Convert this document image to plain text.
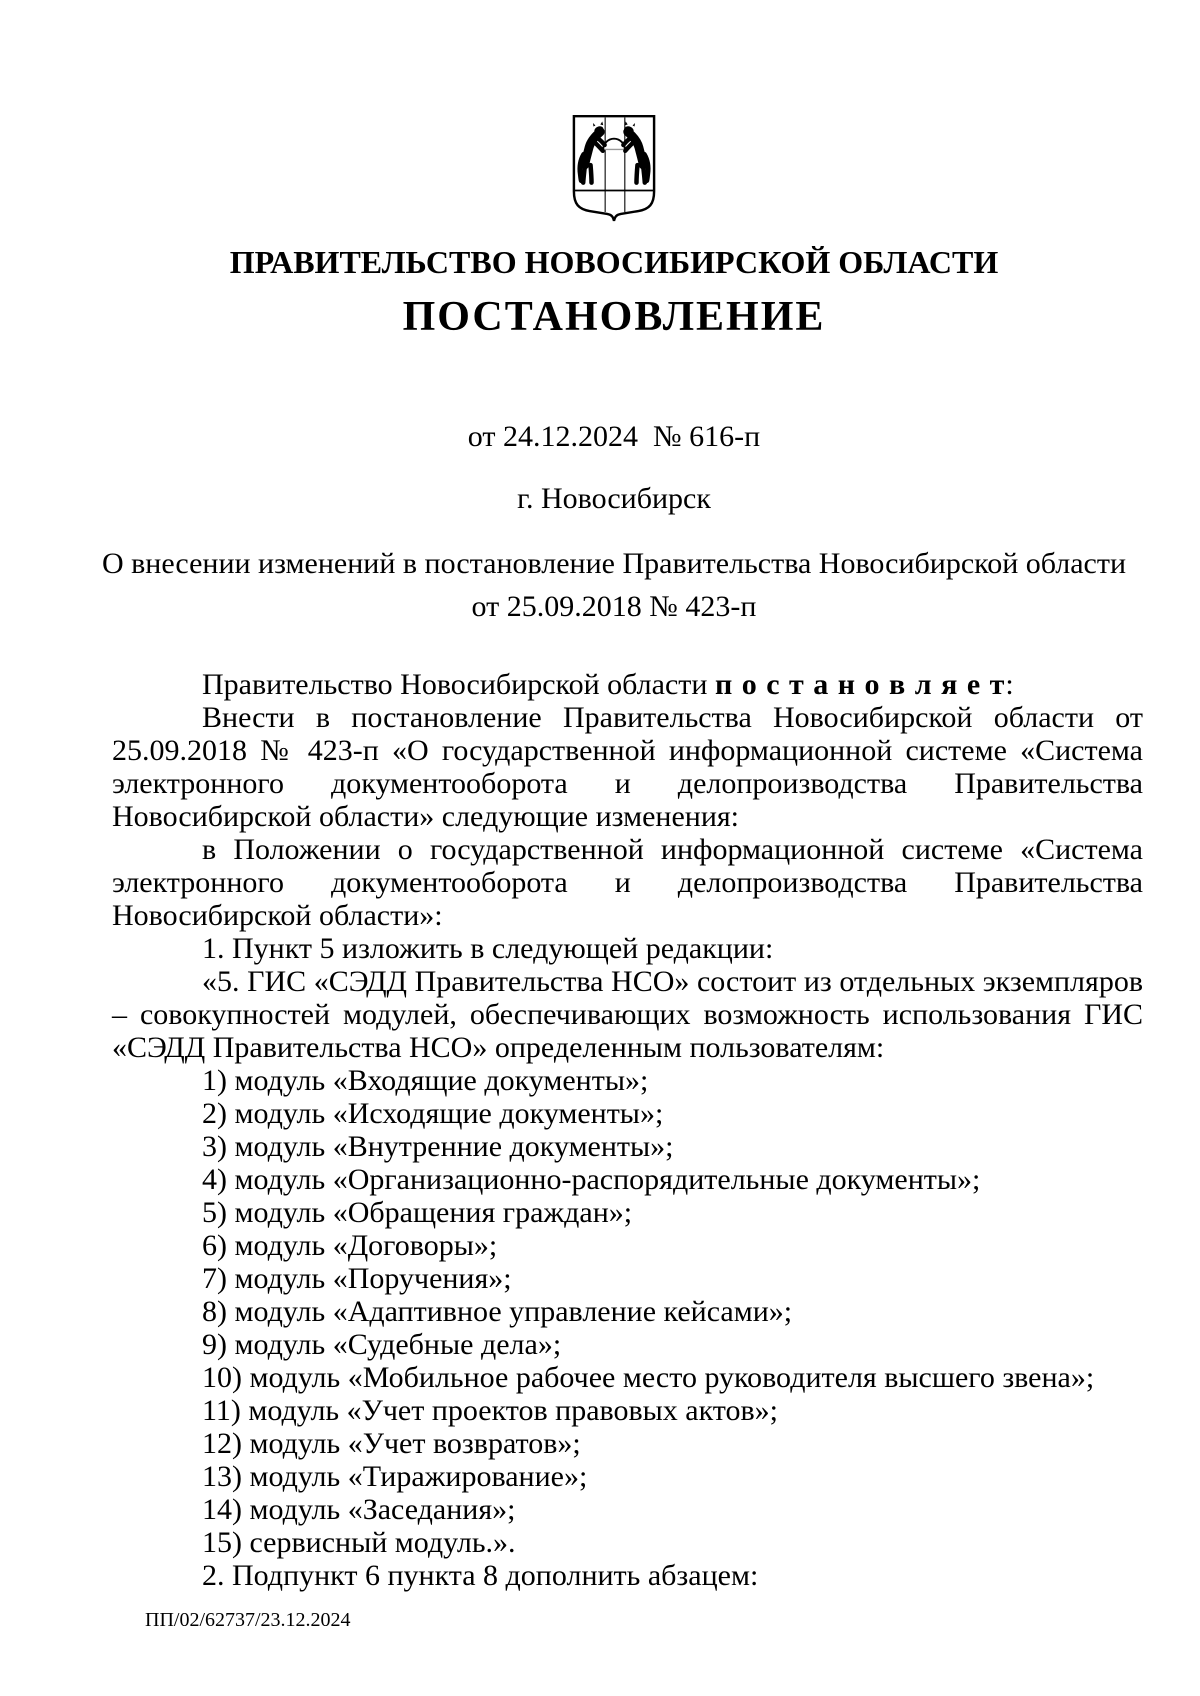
ПРАВИТЕЛЬСТВО НОВОСИБИРСКОЙ ОБЛАСТИ
ПОСТАНОВЛЕНИЕ
от 24.12.2024  № 616-п
г. Новосибирск
О внесении изменений в постановление Правительства Новосибирской области
от 25.09.2018 № 423-п

Правительство Новосибирской области п о с т а н о в л я е т:

Внести в постановление Правительства Новосибирской области от 25.09.2018 № 423-п «О государственной информационной системе «Система электронного документооборота и делопроизводства Правительства Новосибирской области» следующие изменения:

в Положении о государственной информационной системе «Система электронного документооборота и делопроизводства Правительства Новосибирской области»:

1. Пункт 5 изложить в следующей редакции:

«5. ГИС «СЭДД Правительства НСО» состоит из отдельных экземпляров – совокупностей модулей, обеспечивающих возможность использования ГИС «СЭДД Правительства НСО» определенным пользователям:

1) модуль «Входящие документы»;

2) модуль «Исходящие документы»;

3) модуль «Внутренние документы»;

4) модуль «Организационно-распорядительные документы»;

5) модуль «Обращения граждан»;

6) модуль «Договоры»;

7) модуль «Поручения»;

8) модуль «Адаптивное управление кейсами»;

9) модуль «Судебные дела»;

10) модуль «Мобильное рабочее место руководителя высшего звена»;

11) модуль «Учет проектов правовых актов»;

12) модуль «Учет возвратов»;

13) модуль «Тиражирование»;

14) модуль «Заседания»;

15) сервисный модуль.».

2. Подпункт 6 пункта 8 дополнить абзацем:

ПП/02/62737/23.12.2024
